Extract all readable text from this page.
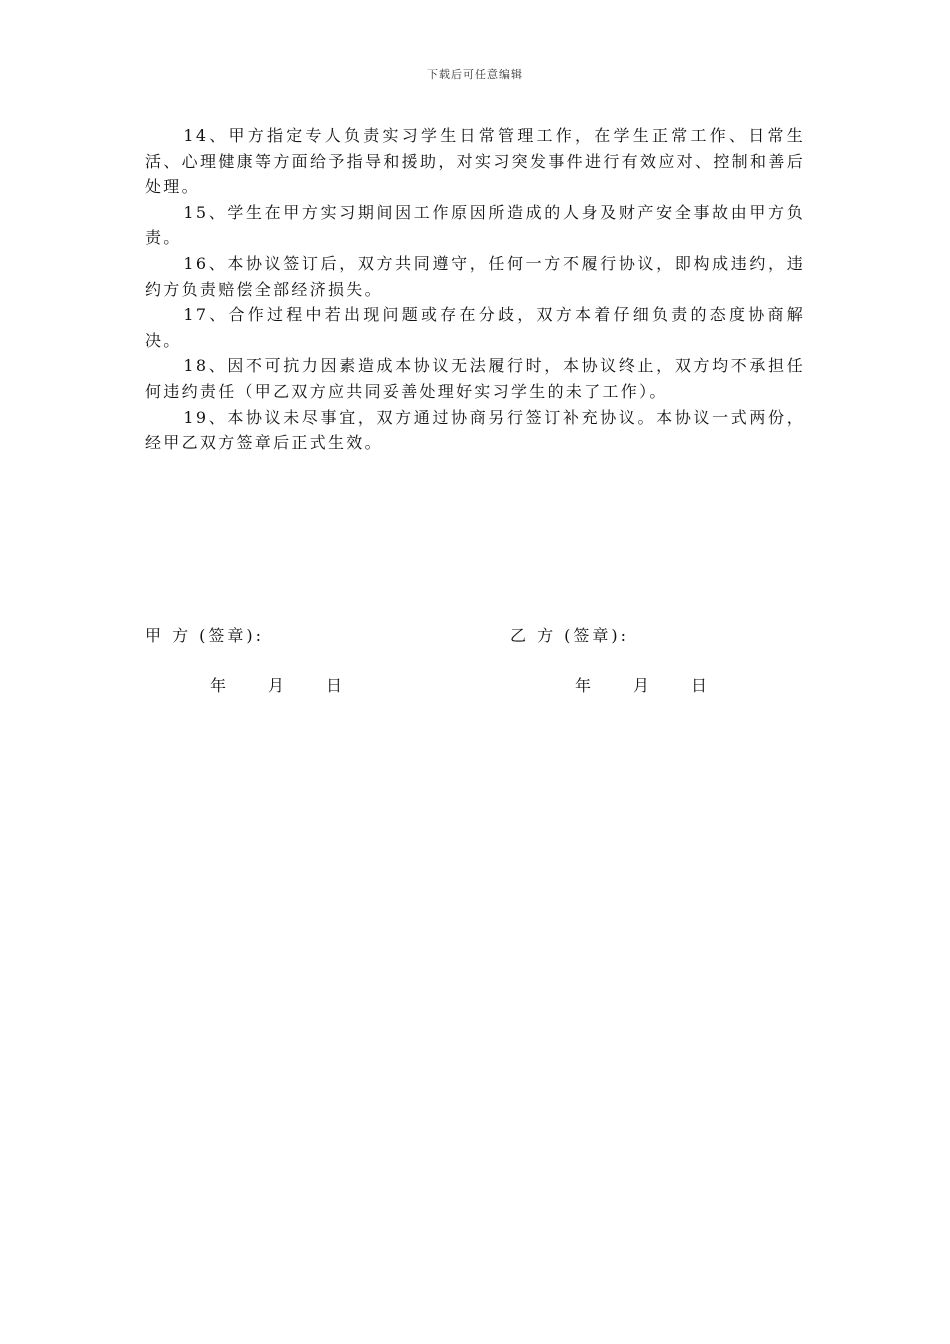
下载后可任意编辑

14、甲方指定专人负责实习学生日常管理工作，在学生正常工作、日常生活、心理健康等方面给予指导和援助，对实习突发事件进行有效应对、控制和善后处理。

15、学生在甲方实习期间因工作原因所造成的人身及财产安全事故由甲方负责。

16、本协议签订后，双方共同遵守，任何一方不履行协议，即构成违约，违约方负责赔偿全部经济损失。

17、合作过程中若出现问题或存在分歧，双方本着仔细负责的态度协商解决。

18、因不可抗力因素造成本协议无法履行时，本协议终止，双方均不承担任何违约责任（甲乙双方应共同妥善处理好实习学生的未了工作）。

19、本协议未尽事宜，双方通过协商另行签订补充协议。本协议一式两份，经甲乙双方签章后正式生效。

甲 方 (签章):	乙 方 (签章):
年	月	日	年	月	日
